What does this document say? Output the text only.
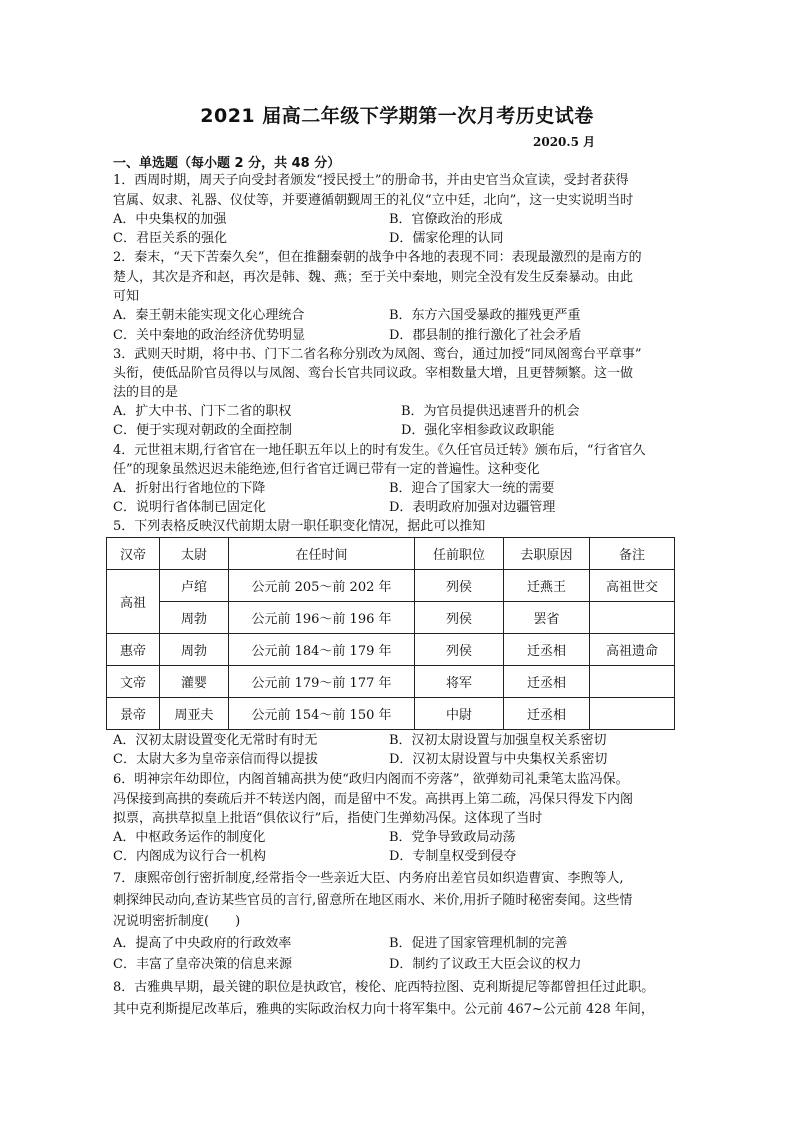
2021 届高二年级下学期第一次月考历史试卷
2020.5 月
一、单选题（每小题 2 分，共 48 分）
1．西周时期，周天子向受封者颁发“授民授土”的册命书，并由史官当众宣读，受封者获得
官属、奴隶、礼器、仪仗等，并要遵循朝觐周王的礼仪“立中廷，北向”，这一史实说明当时
A．中央集权的加强	B．官僚政治的形成
C．君臣关系的强化	D．儒家伦理的认同
2．秦末，“天下苦秦久矣”，但在推翻秦朝的战争中各地的表现不同：表现最激烈的是南方的
楚人，其次是齐和赵，再次是韩、魏、燕；至于关中秦地，则完全没有发生反秦暴动。由此
可知
A．秦王朝未能实现文化心理统合	B．东方六国受暴政的摧残更严重
C．关中秦地的政治经济优势明显	D．郡县制的推行激化了社会矛盾
3．武则天时期，将中书、门下二省名称分别改为凤阁、鸾台，通过加授“同凤阁鸾台平章事”
头衔，使低品阶官员得以与凤阁、鸾台长官共同议政。宰相数量大增，且更替频繁。这一做
法的目的是
A．扩大中书、门下二省的职权	B．为官员提供迅速晋升的机会
C．便于实现对朝政的全面控制	D．强化宰相参政议政职能
4．元世祖末期,行省官在一地任职五年以上的时有发生。《久任官员迁转》颁布后，“行省官久
任”的现象虽然迟迟未能绝迹,但行省官迁调已带有一定的普遍性。这种变化
A．折射出行省地位的下降	B．迎合了国家大一统的需要
C．说明行省体制已固定化	D．表明政府加强对边疆管理
5．下列表格反映汉代前期太尉一职任职变化情况，据此可以推知
汉帝	太尉	在任时间	任前职位	去职原因	备注
高祖	卢绾	公元前 205～前 202 年	列侯	迁燕王	高祖世交
	周勃	公元前 196～前 196 年	列侯	罢省	
惠帝	周勃	公元前 184～前 179 年	列侯	迁丞相	高祖遗命
文帝	灌婴	公元前 179～前 177 年	将军	迁丞相	
景帝	周亚夫	公元前 154～前 150 年	中尉	迁丞相	
A．汉初太尉设置变化无常时有时无	B．汉初太尉设置与加强皇权关系密切
C．太尉大多为皇帝亲信而得以提拔	D．汉初太尉设置与中央集权关系密切
6．明神宗年幼即位，内阁首辅高拱为使“政归内阁而不旁落”，欲弹劾司礼秉笔太监冯保。
冯保接到高拱的奏疏后并不转送内阁，而是留中不发。高拱再上第二疏，冯保只得发下内阁
拟票，高拱草拟皇上批语“俱依议行”后，指使门生弹劾冯保。这体现了当时
A．中枢政务运作的制度化	B．党争导致政局动荡
C．内阁成为议行合一机构	D．专制皇权受到侵夺
7．康熙帝创行密折制度,经常指令一些亲近大臣、内务府出差官员如织造曹寅、李煦等人,
刺探绅民动向,查访某些官员的言行,留意所在地区雨水、米价,用折子随时秘密奏闻。这些情
况说明密折制度(　　)
A．提高了中央政府的行政效率	B．促进了国家管理机制的完善
C．丰富了皇帝决策的信息来源	D．制约了议政王大臣会议的权力
8．古雅典早期，最关键的职位是执政官，梭伦、庇西特拉图、克利斯提尼等都曾担任过此职。
其中克利斯提尼改革后，雅典的实际政治权力向十将军集中。公元前 467~公元前 428 年间，
